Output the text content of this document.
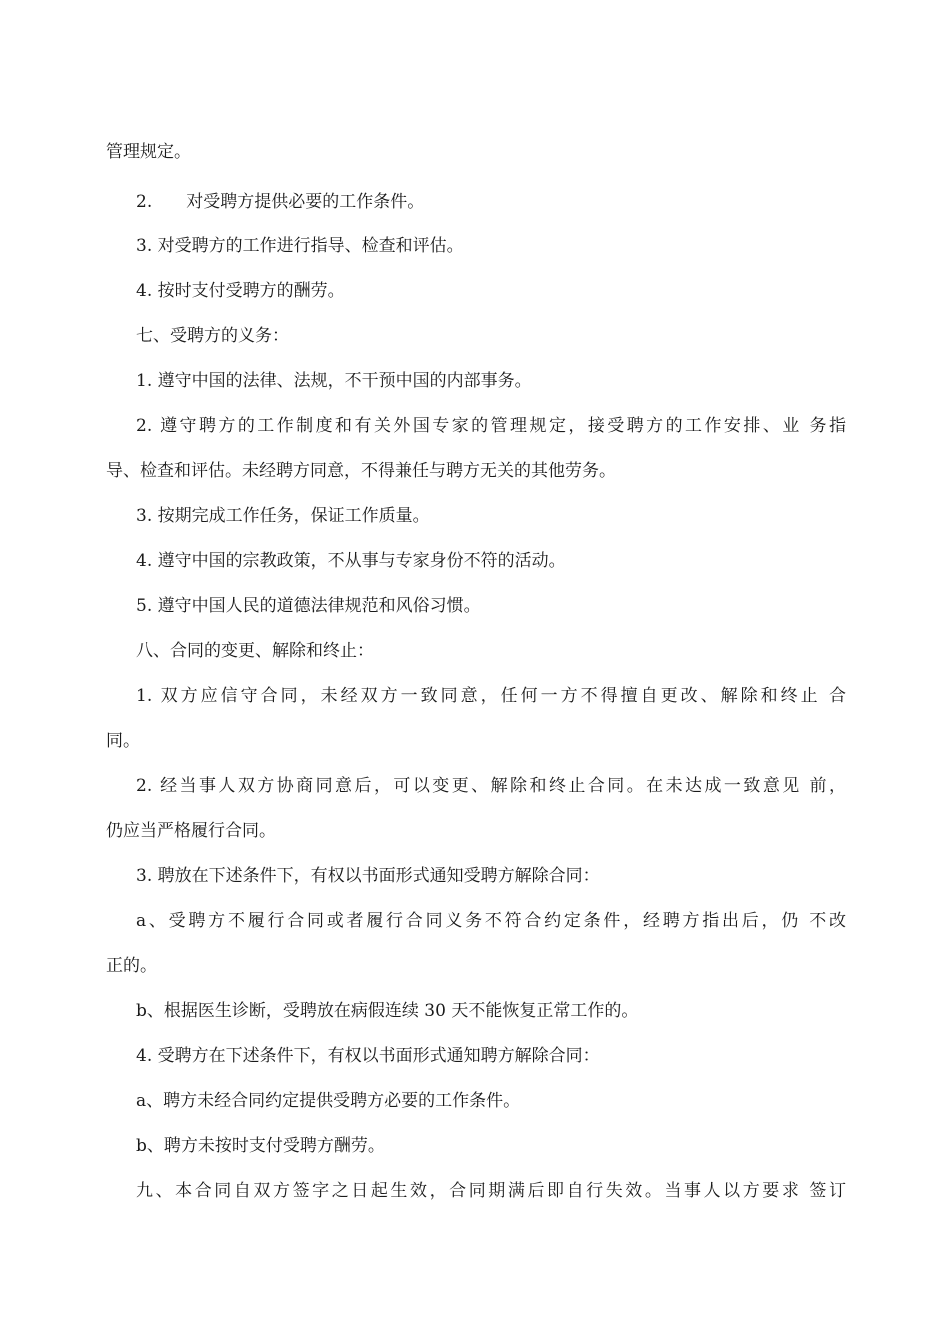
管理规定。
2.　　对受聘方提供必要的工作条件。
3. 对受聘方的工作进行指导、检查和评估。
4. 按时支付受聘方的酬劳。
七、受聘方的义务：
1. 遵守中国的法律、法规，不干预中国的内部事务。
2. 遵守聘方的工作制度和有关外国专家的管理规定，接受聘方的工作安排、业 务指
导、检查和评估。未经聘方同意，不得兼任与聘方无关的其他劳务。
3. 按期完成工作任务，保证工作质量。
4. 遵守中国的宗教政策，不从事与专家身份不符的活动。
5. 遵守中国人民的道德法律规范和风俗习惯。
八、合同的变更、解除和终止：
1. 双方应信守合同，未经双方一致同意，任何一方不得擅自更改、解除和终止 合
同。
2. 经当事人双方协商同意后，可以变更、解除和终止合同。在未达成一致意见 前，
仍应当严格履行合同。
3. 聘放在下述条件下，有权以书面形式通知受聘方解除合同：
a、受聘方不履行合同或者履行合同义务不符合约定条件，经聘方指出后，仍 不改
正的。
b、根据医生诊断，受聘放在病假连续 30 天不能恢复正常工作的。
4. 受聘方在下述条件下，有权以书面形式通知聘方解除合同：
a、聘方未经合同约定提供受聘方必要的工作条件。
b、聘方未按时支付受聘方酬劳。
九、本合同自双方签字之日起生效，合同期满后即自行失效。当事人以方要求 签订
